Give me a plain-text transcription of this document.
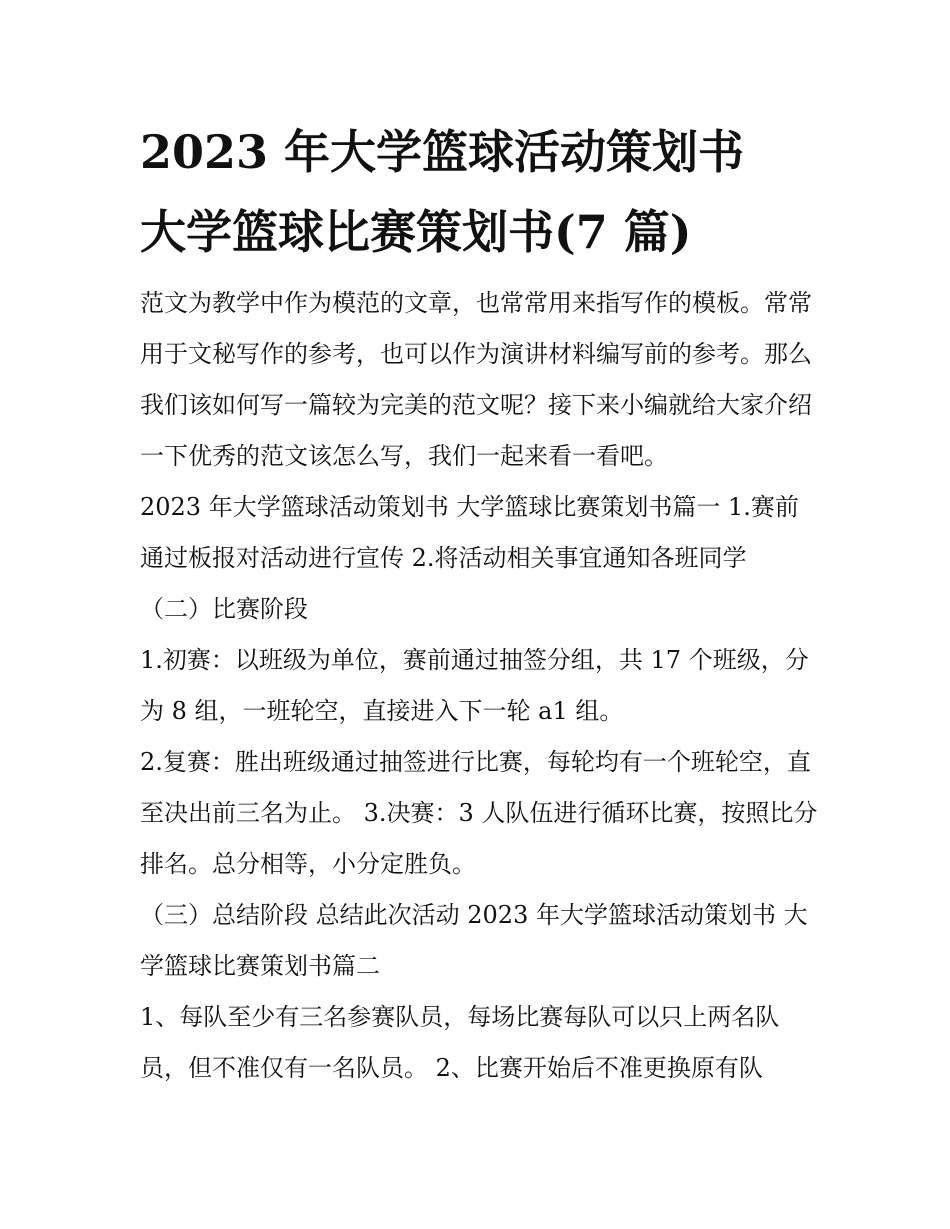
2023 年大学篮球活动策划书
大学篮球比赛策划书(7 篇)

范文为教学中作为模范的文章，也常常用来指写作的模板。常常用于文秘写作的参考，也可以作为演讲材料编写前的参考。那么我们该如何写一篇较为完美的范文呢？接下来小编就给大家介绍一下优秀的范文该怎么写，我们一起来看一看吧。

2023 年大学篮球活动策划书 大学篮球比赛策划书篇一 1.赛前通过板报对活动进行宣传 2.将活动相关事宜通知各班同学

（二）比赛阶段

1.初赛：以班级为单位，赛前通过抽签分组，共 17 个班级，分为 8 组，一班轮空，直接进入下一轮 a1 组。

2.复赛：胜出班级通过抽签进行比赛，每轮均有一个班轮空，直至决出前三名为止。 3.决赛：3 人队伍进行循环比赛，按照比分排名。总分相等，小分定胜负。

（三）总结阶段 总结此次活动 2023 年大学篮球活动策划书 大学篮球比赛策划书篇二

1、每队至少有三名参赛队员，每场比赛每队可以只上两名队员，但不准仅有一名队员。 2、比赛开始后不准更换原有队
